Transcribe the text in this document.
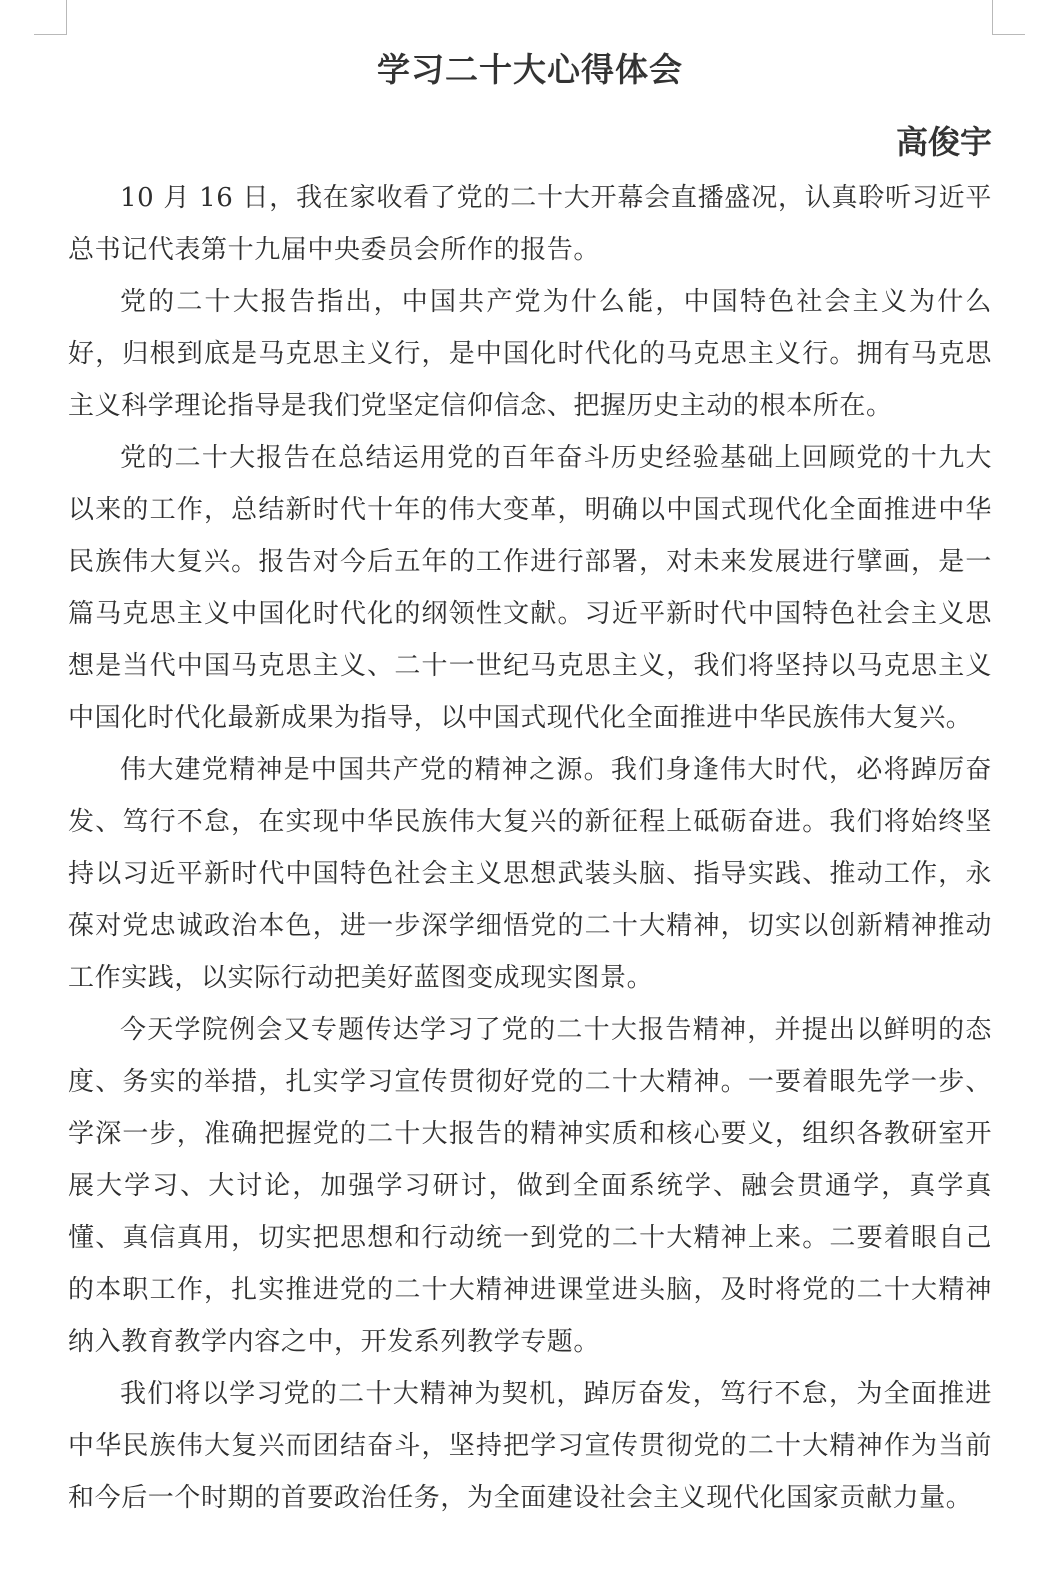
学习二十大心得体会
高俊宇

10 月 16 日，我在家收看了党的二十大开幕会直播盛况，认真聆听习近平总书记代表第十九届中央委员会所作的报告。

党的二十大报告指出，中国共产党为什么能，中国特色社会主义为什么好，归根到底是马克思主义行，是中国化时代化的马克思主义行。拥有马克思主义科学理论指导是我们党坚定信仰信念、把握历史主动的根本所在。

党的二十大报告在总结运用党的百年奋斗历史经验基础上回顾党的十九大以来的工作，总结新时代十年的伟大变革，明确以中国式现代化全面推进中华民族伟大复兴。报告对今后五年的工作进行部署，对未来发展进行擘画，是一篇马克思主义中国化时代化的纲领性文献。习近平新时代中国特色社会主义思想是当代中国马克思主义、二十一世纪马克思主义，我们将坚持以马克思主义中国化时代化最新成果为指导，以中国式现代化全面推进中华民族伟大复兴。

伟大建党精神是中国共产党的精神之源。我们身逢伟大时代，必将踔厉奋发、笃行不怠，在实现中华民族伟大复兴的新征程上砥砺奋进。我们将始终坚持以习近平新时代中国特色社会主义思想武装头脑、指导实践、推动工作，永葆对党忠诚政治本色，进一步深学细悟党的二十大精神，切实以创新精神推动工作实践，以实际行动把美好蓝图变成现实图景。

今天学院例会又专题传达学习了党的二十大报告精神，并提出以鲜明的态度、务实的举措，扎实学习宣传贯彻好党的二十大精神。一要着眼先学一步、学深一步，准确把握党的二十大报告的精神实质和核心要义，组织各教研室开展大学习、大讨论，加强学习研讨，做到全面系统学、融会贯通学，真学真懂、真信真用，切实把思想和行动统一到党的二十大精神上来。二要着眼自己的本职工作，扎实推进党的二十大精神进课堂进头脑，及时将党的二十大精神纳入教育教学内容之中，开发系列教学专题。

我们将以学习党的二十大精神为契机，踔厉奋发，笃行不怠，为全面推进中华民族伟大复兴而团结奋斗，坚持把学习宣传贯彻党的二十大精神作为当前和今后一个时期的首要政治任务，为全面建设社会主义现代化国家贡献力量。
